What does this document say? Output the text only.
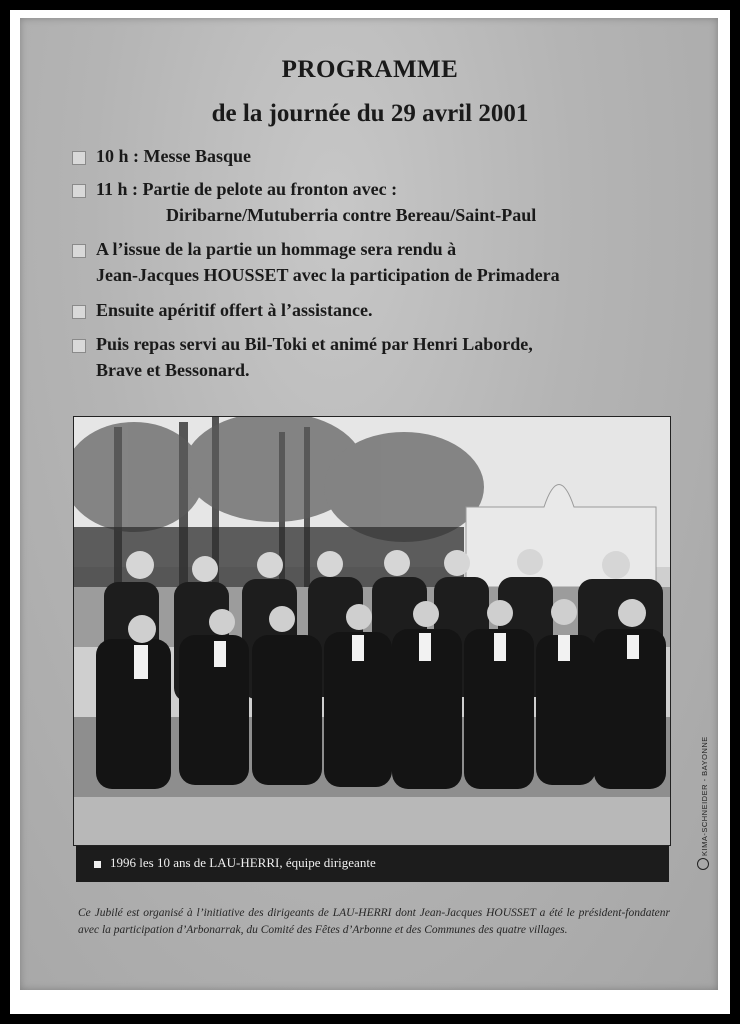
PROGRAMME
de la journée du 29 avril 2001
10 h : Messe Basque
11 h : Partie de pelote au fronton avec :
Diribarne/Mutuberria contre Bereau/Saint-Paul
A l’issue de la partie un hommage sera rendu à
Jean-Jacques HOUSSET avec la participation de Primadera
Ensuite apéritif offert à l’assistance.
Puis repas servi au Bil-Toki et animé par Henri Laborde,
Brave et Bessonard.
1996 les 10 ans de LAU-HERRI, équipe dirigeante
Ce Jubilé est organisé à l’initiative des dirigeants de LAU-HERRI dont Jean-Jacques HOUSSET a été le président-fondatenr avec la participation d’Arbonarrak, du Comité des Fêtes d’Arbonne et des Communes des quatre villages.
KIMA-SCHNEIDER - BAYONNE
